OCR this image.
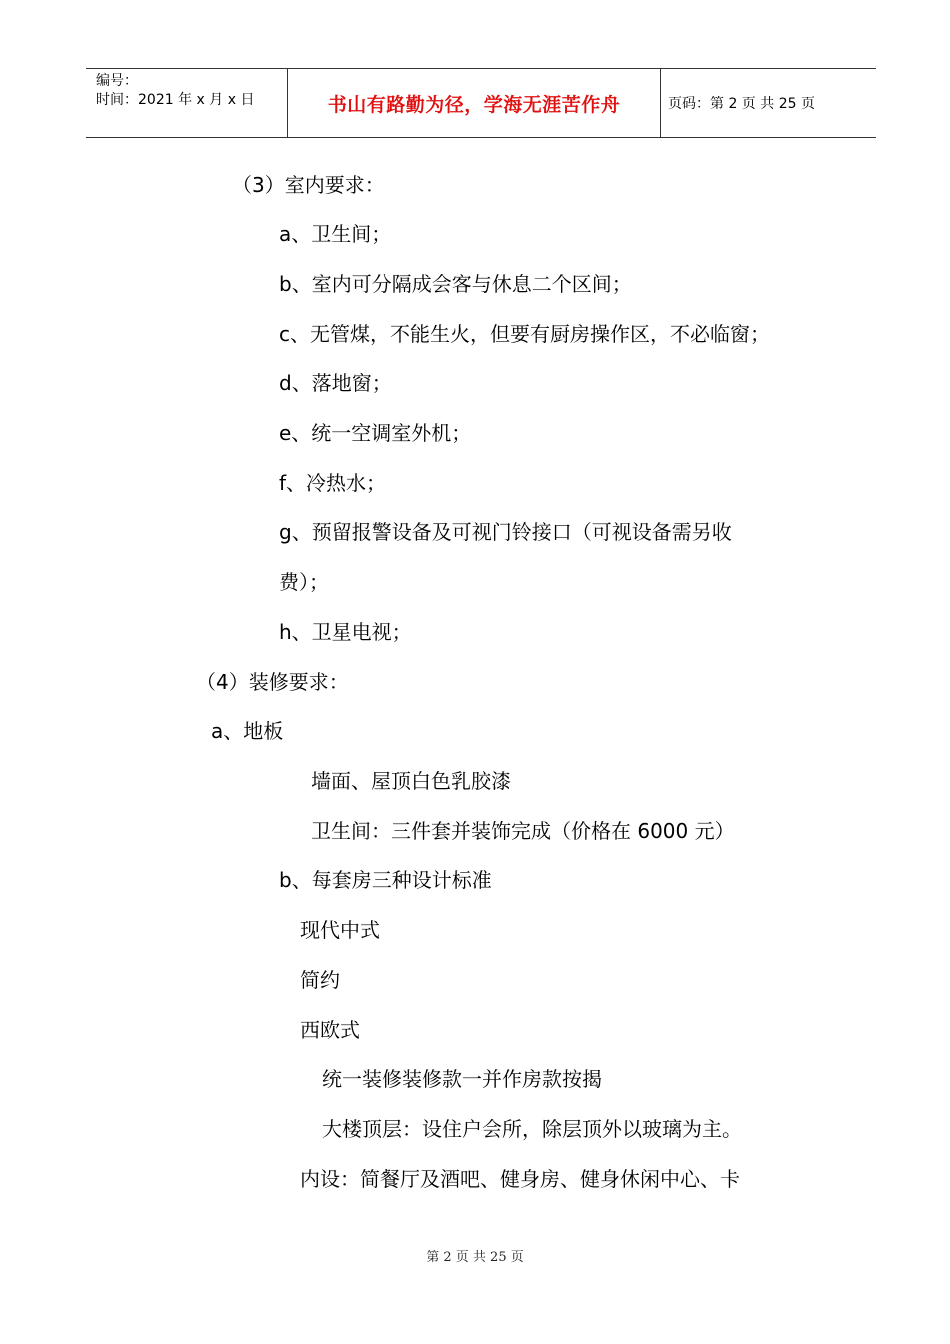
编号：
时间：2021 年 x 月 x 日	书山有路勤为径，学海无涯苦作舟	页码：第 2 页 共 25 页
（3）室内要求：
a、卫生间；
b、室内可分隔成会客与休息二个区间；
c、无管煤，不能生火，但要有厨房操作区，不必临窗；
d、落地窗；
e、统一空调室外机；
f、冷热水；
g、预留报警设备及可视门铃接口（可视设备需另收
费）；
h、卫星电视；
（4）装修要求：
a、地板
墙面、屋顶白色乳胶漆
卫生间：三件套并装饰完成（价格在 6000 元）
b、每套房三种设计标准
现代中式
简约
西欧式
统一装修装修款一并作房款按揭
大楼顶层：设住户会所，除层顶外以玻璃为主。
内设：简餐厅及酒吧、健身房、健身休闲中心、卡
第 2 页 共 25 页
